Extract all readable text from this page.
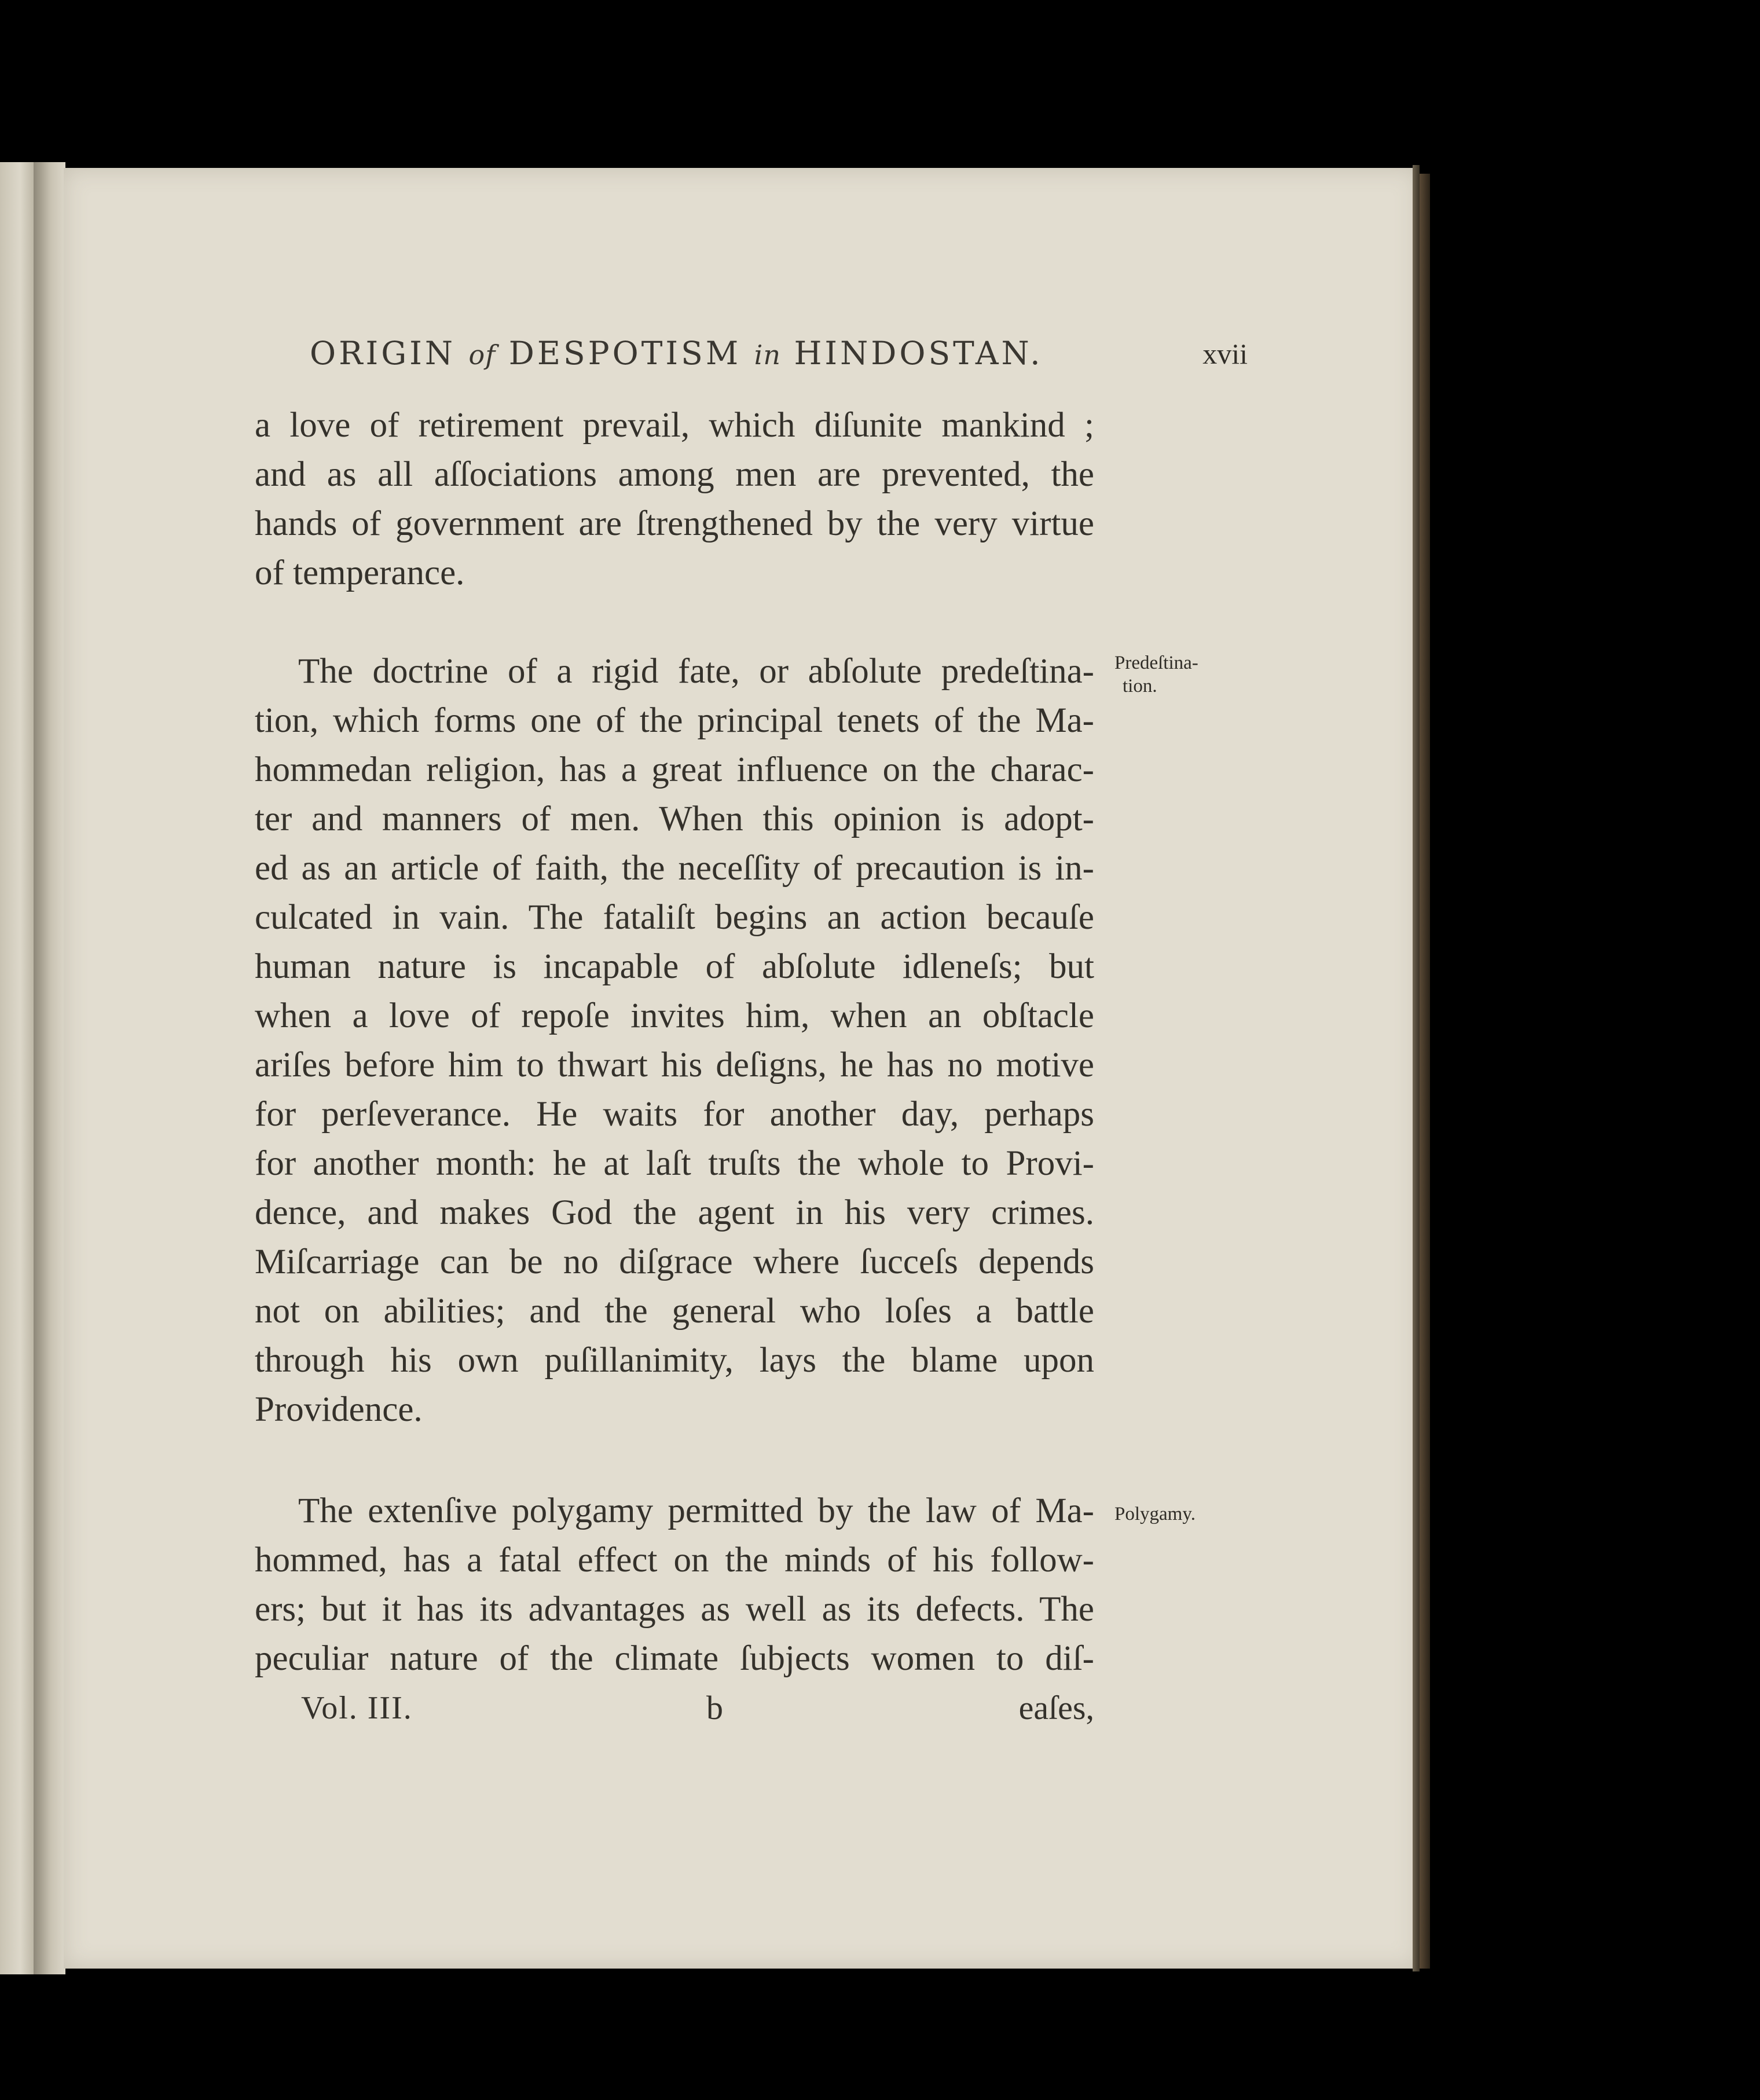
ORIGIN of DESPOTISM in HINDOSTAN.	xvii
a love of retirement prevail, which diſunite mankind ;
and as all aſſociations among men are prevented, the
hands of government are ſtrengthened by the very virtue
of temperance.
Predeſtina-
tion.
The doctrine of a rigid fate, or abſolute predeſtina-
tion, which forms one of the principal tenets of the Ma-
hommedan religion, has a great influence on the charac-
ter and manners of men. When this opinion is adopt-
ed as an article of faith, the neceſſity of precaution is in-
culcated in vain. The fataliſt begins an action becauſe
human nature is incapable of abſolute idleneſs; but
when a love of repoſe invites him, when an obſtacle
ariſes before him to thwart his deſigns, he has no motive
for perſeverance. He waits for another day, perhaps
for another month: he at laſt truſts the whole to Provi-
dence, and makes God the agent in his very crimes.
Miſcarriage can be no diſgrace where ſucceſs depends
not on abilities; and the general who loſes a battle
through his own puſillanimity, lays the blame upon
Providence.
Polygamy.
The extenſive polygamy permitted by the law of Ma-
hommed, has a fatal effect on the minds of his follow-
ers; but it has its advantages as well as its defects. The
peculiar nature of the climate ſubjects women to diſ-
Vol. III.	b	eaſes,
